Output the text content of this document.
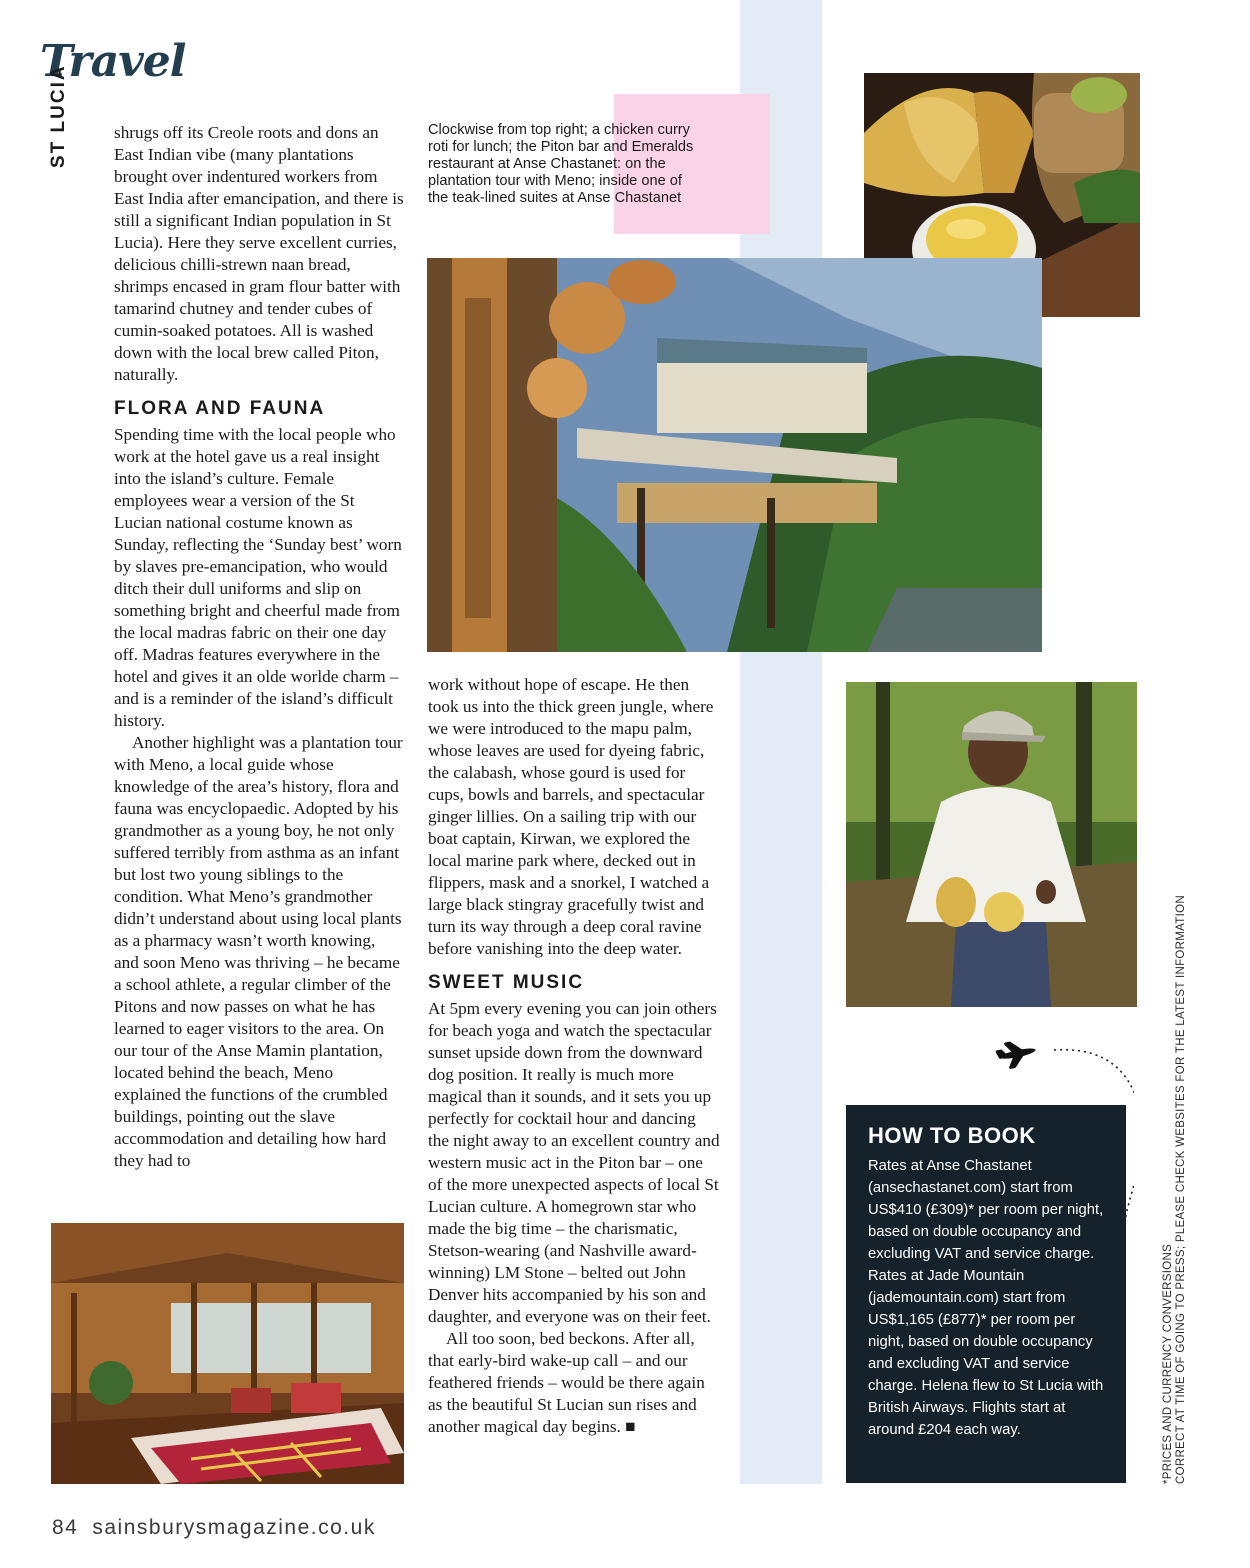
Travel
ST LUCIA	Clockwise from top right; a chicken curry roti for lunch; the Piton bar and Emeralds restaurant at Anse Chastanet: on the plantation tour with Meno; inside one of the teak-lined suites at Anse Chastanet

shrugs off its Creole roots and dons an East Indian vibe (many plantations brought over indentured workers from East India after emancipation, and there is still a significant Indian population in St Lucia). Here they serve excellent curries, delicious chilli-strewn naan bread, shrimps encased in gram flour batter with tamarind chutney and tender cubes of cumin-soaked potatoes. All is washed down with the local brew called Piton, naturally.

FLORA AND FAUNA

Spending time with the local people who work at the hotel gave us a real insight into the island’s culture. Female employees wear a version of the St Lucian national costume known as Sunday, reflecting the ‘Sunday best’ worn by slaves pre-emancipation, who would ditch their dull uniforms and slip on something bright and cheerful made from the local madras fabric on their one day off. Madras features everywhere in the hotel and gives it an olde worlde charm – and is a reminder of the island’s difficult history.

Another highlight was a plantation tour with Meno, a local guide whose knowledge of the area’s history, flora and fauna was encyclopaedic. Adopted by his grandmother as a young boy, he not only suffered terribly from asthma as an infant but lost two young siblings to the condition. What Meno’s grandmother didn’t understand about using local plants as a pharmacy wasn’t worth knowing, and soon Meno was thriving – he became a school athlete, a regular climber of the Pitons and now passes on what he has learned to eager visitors to the area. On our tour of the Anse Mamin plantation, located behind the beach, Meno explained the functions of the crumbled buildings, pointing out the slave accommodation and detailing how hard they had to

work without hope of escape. He then took us into the thick green jungle, where we were introduced to the mapu palm, whose leaves are used for dyeing fabric, the calabash, whose gourd is used for cups, bowls and barrels, and spectacular ginger lillies. On a sailing trip with our boat captain, Kirwan, we explored the local marine park where, decked out in flippers, mask and a snorkel, I watched a large black stingray gracefully twist and turn its way through a deep coral ravine before vanishing into the deep water.

SWEET MUSIC

At 5pm every evening you can join others for beach yoga and watch the spectacular sunset upside down from the downward dog position. It really is much more magical than it sounds, and it sets you up perfectly for cocktail hour and dancing the night away to an excellent country and western music act in the Piton bar – one of the more unexpected aspects of local St Lucian culture. A homegrown star who made the big time – the charismatic, Stetson-wearing (and Nashville award-winning) LM Stone – belted out John Denver hits accompanied by his son and daughter, and everyone was on their feet.

All too soon, bed beckons. After all, that early-bird wake-up call – and our feathered friends – would be there again as the beautiful St Lucian sun rises and another magical day begins. ■

HOW TO BOOK

Rates at Anse Chastanet (ansechastanet.com) start from US$410 (£309)* per room per night, based on double occupancy and excluding VAT and service charge. Rates at Jade Mountain (jademountain.com) start from US$1,165 (£877)* per room per night, based on double occupancy and excluding VAT and service charge. Helena flew to St Lucia with British Airways. Flights start at around £204 each way.	*PRICES AND CURRENCY CONVERSIONS CORRECT AT TIME OF GOING TO PRESS; PLEASE CHECK WEBSITES FOR THE LATEST INFORMATION
84 sainsburysmagazine.co.uk
